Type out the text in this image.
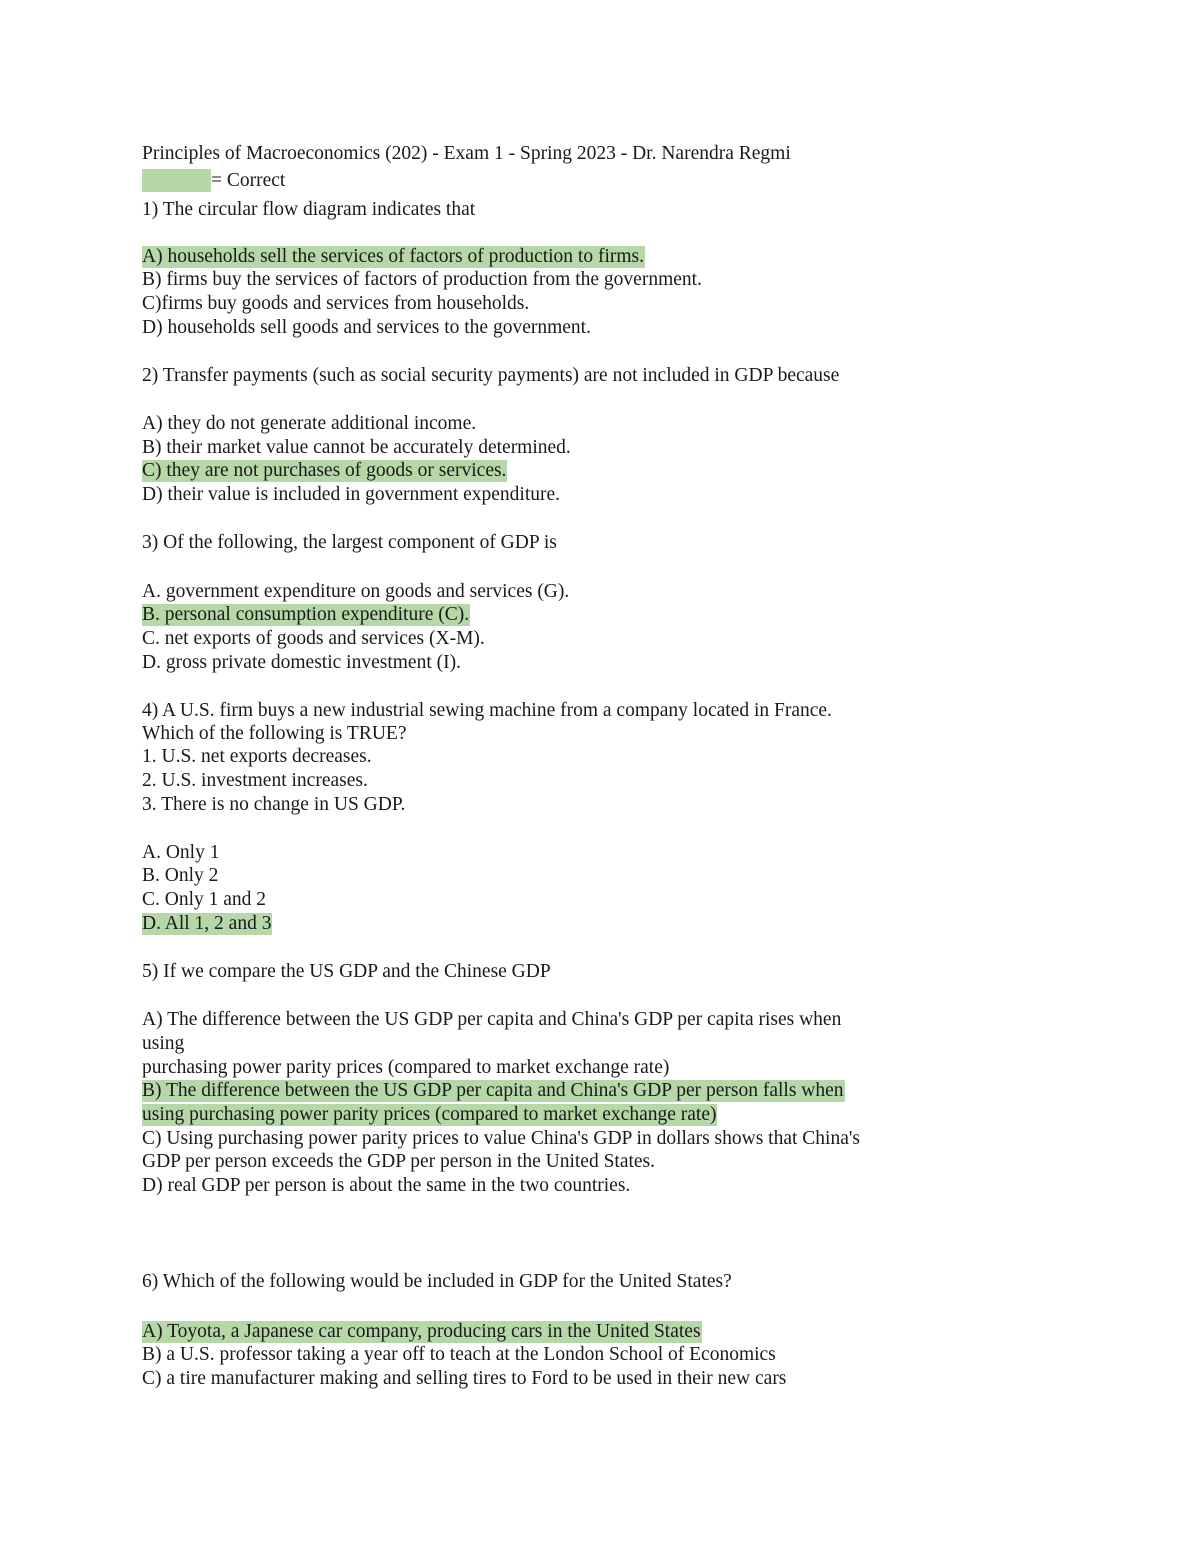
Principles of Macroeconomics (202) - Exam 1 - Spring 2023 - Dr. Narendra Regmi
= Correct
1) The circular flow diagram indicates that
A) households sell the services of factors of production to firms.
B) firms buy the services of factors of production from the government.
C)firms buy goods and services from households.
D) households sell goods and services to the government.
2) Transfer payments (such as social security payments) are not included in GDP because
A) they do not generate additional income.
B) their market value cannot be accurately determined.
C) they are not purchases of goods or services.
D) their value is included in government expenditure.
3) Of the following, the largest component of GDP is
A. government expenditure on goods and services (G).
B. personal consumption expenditure (C).
C. net exports of goods and services (X-M).
D. gross private domestic investment (I).
4) A U.S. firm buys a new industrial sewing machine from a company located in France.
Which of the following is TRUE?
1. U.S. net exports decreases.
2. U.S. investment increases.
3. There is no change in US GDP.
A. Only 1
B. Only 2
C. Only 1 and 2
D. All 1, 2 and 3
5) If we compare the US GDP and the Chinese GDP
A) The difference between the US GDP per capita and China's GDP per capita rises when
using
purchasing power parity prices (compared to market exchange rate)
B) The difference between the US GDP per capita and China's GDP per person falls when
using purchasing power parity prices (compared to market exchange rate)
C) Using purchasing power parity prices to value China's GDP in dollars shows that China's
GDP per person exceeds the GDP per person in the United States.
D) real GDP per person is about the same in the two countries.
6) Which of the following would be included in GDP for the United States?
A) Toyota, a Japanese car company, producing cars in the United States
B) a U.S. professor taking a year off to teach at the London School of Economics
C) a tire manufacturer making and selling tires to Ford to be used in their new cars
